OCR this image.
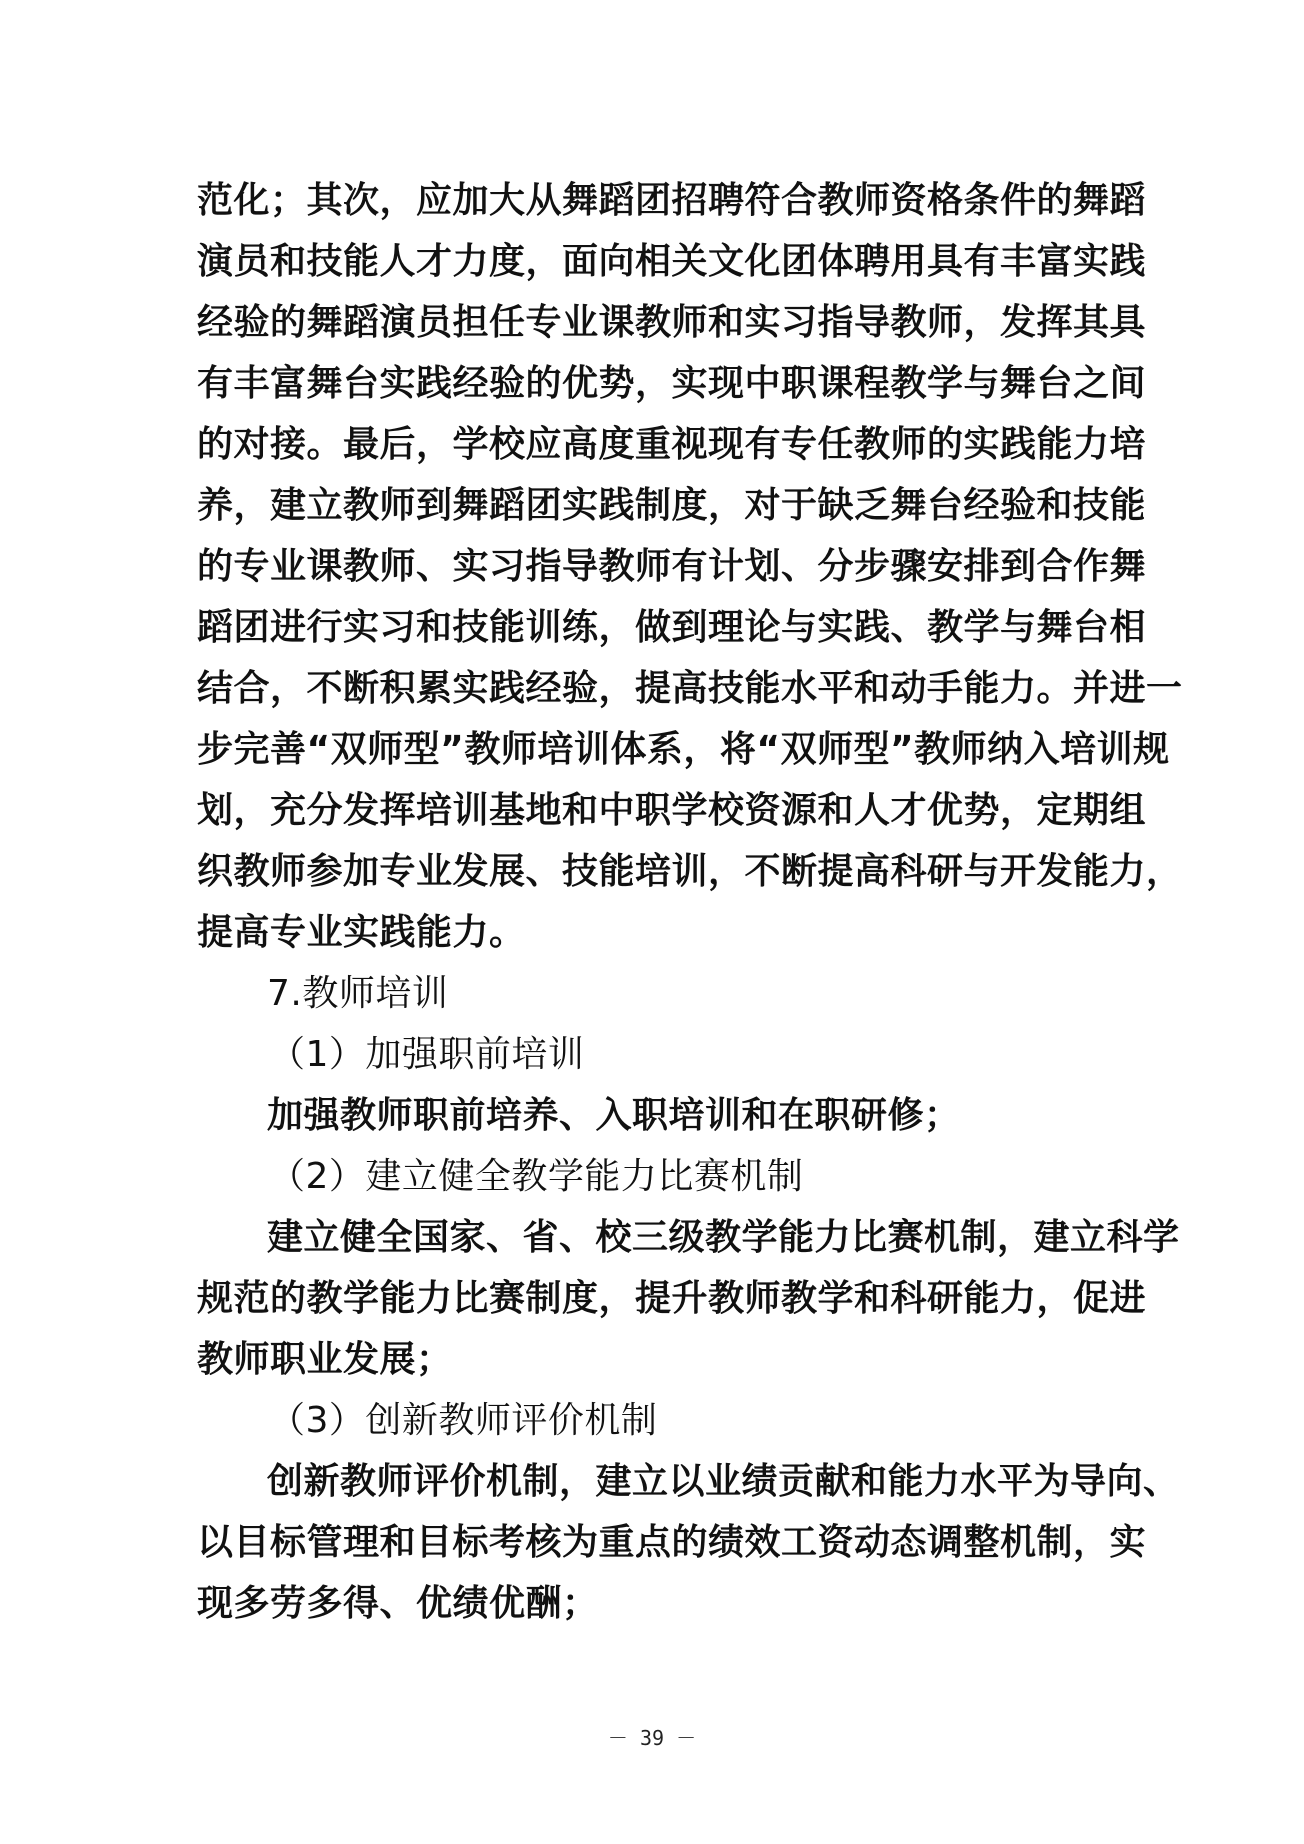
范化；其次，应加大从舞蹈团招聘符合教师资格条件的舞蹈
演员和技能人才力度，面向相关文化团体聘用具有丰富实践
经验的舞蹈演员担任专业课教师和实习指导教师，发挥其具
有丰富舞台实践经验的优势，实现中职课程教学与舞台之间
的对接。最后，学校应高度重视现有专任教师的实践能力培
养，建立教师到舞蹈团实践制度，对于缺乏舞台经验和技能
的专业课教师、实习指导教师有计划、分步骤安排到合作舞
蹈团进行实习和技能训练，做到理论与实践、教学与舞台相
结合，不断积累实践经验，提高技能水平和动手能力。并进一
步完善“双师型”教师培训体系，将“双师型”教师纳入培训规
划，充分发挥培训基地和中职学校资源和人才优势，定期组
织教师参加专业发展、技能培训，不断提高科研与开发能力，
提高专业实践能力。
7.教师培训
（1）加强职前培训
加强教师职前培养、入职培训和在职研修；
（2）建立健全教学能力比赛机制
建立健全国家、省、校三级教学能力比赛机制，建立科学
规范的教学能力比赛制度，提升教师教学和科研能力，促进
教师职业发展；
（3）创新教师评价机制
创新教师评价机制，建立以业绩贡献和能力水平为导向、
以目标管理和目标考核为重点的绩效工资动态调整机制，实
现多劳多得、优绩优酬；
－ 39 －
